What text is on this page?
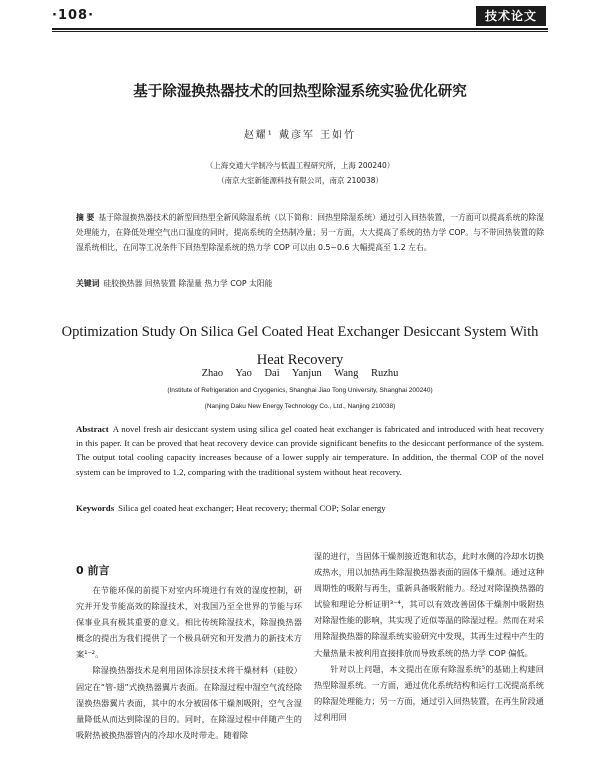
·108·	技术论文
基于除湿换热器技术的回热型除湿系统实验优化研究
赵耀¹ 戴彦军 王如竹
（上海交通大学制冷与低温工程研究所，上海 200240）
（南京大室新能源科技有限公司，南京 210038）
摘 要 基于除湿换热器技术的新型回热型全新风除湿系统（以下简称：回热型除湿系统）通过引入回热装置，一方面可以提高系统的除湿处理能力，在降低处理空气出口温度的同时，提高系统的全热制冷量；另一方面，大大提高了系统的热力学 COP。与不带回热装置的除湿系统相比，在同等工况条件下回热型除湿系统的热力学 COP 可以由 0.5~0.6 大幅提高至 1.2 左右。
关键词 硅胶换热器 回热装置 除湿量 热力学 COP 太阳能
Optimization Study On Silica Gel Coated Heat Exchanger Desiccant System With Heat Recovery
Zhao Yao Dai Yanjun Wang Ruzhu
(Institute of Refrigeration and Cryogenics, Shanghai Jiao Tong University, Shanghai 200240)
(Nanjing Daku New Energy Technology Co., Ltd., Nanjing 210038)
Abstract A novel fresh air desiccant system using silica gel coated heat exchanger is fabricated and introduced with heat recovery in this paper. It can be proved that heat recovery device can provide significant benefits to the desiccant performance of the system. The output total cooling capacity increases because of a lower supply air temperature. In addition, the thermal COP of the novel system can be improved to 1.2, comparing with the traditional system without heat recovery.
Keywords Silica gel coated heat exchanger; Heat recovery; thermal COP; Solar energy
0 前言

在节能环保的前提下对室内环境进行有效的湿度控制，研究并开发节能高效的除湿技术，对我国乃至全世界的节能与环保事业具有极其重要的意义。相比传统除湿技术，除湿换热器概念的提出为我们提供了一个极具研究和开发潜力的新技术方案¹⁻²。

除湿换热器技术是利用固体涂层技术将干燥材料（硅胶）固定在“管-翅”式换热器翼片表面。在除湿过程中湿空气流经除湿换热器翼片表面，其中的水分被固体干燥剂吸附，空气含湿量降低从而达到除湿的目的。同时，在除湿过程中伴随产生的吸附热被换热器管内的冷却水及时带走。随着除

湿的进行，当固体干燥剂接近饱和状态，此时水侧的冷却水切换成热水，用以加热再生除湿换热器表面的固体干燥剂。通过这种周期性的吸附与再生，重新具备吸附能力。经过对除湿换热器的试验和理论分析证明³⁻⁴，其可以有效改善固体干燥剂中吸附热对除湿性能的影响，其实现了近似等温的除湿过程。然而在对采用除湿换热器的除湿系统实验研究中发现，其再生过程中产生的大量热量未被利用直接排放而导致系统的热力学 COP 偏低。

针对以上问题，本文提出在原有除湿系统⁵的基础上构建回热型除湿系统。一方面，通过优化系统结构和运行工况提高系统的除湿处理能力；另一方面，通过引入回热装置，在再生阶段通过利用回
